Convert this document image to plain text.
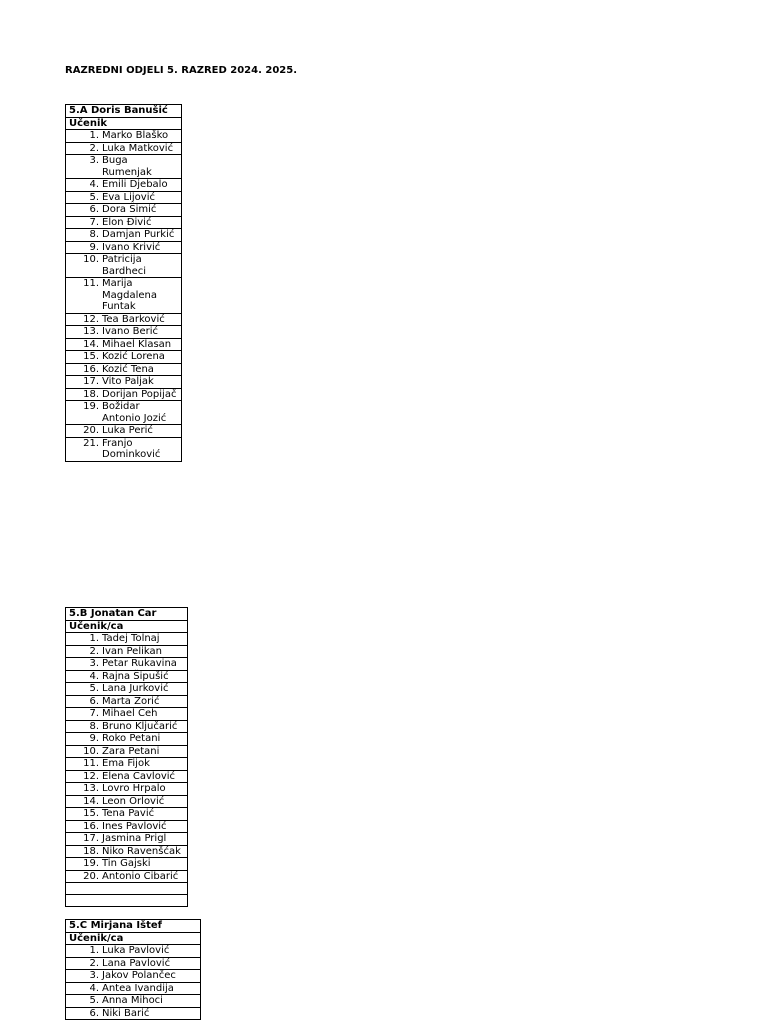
RAZREDNI ODJELI 5. RAZRED 2024. 2025.
5.A Doris Banušić
Učenik

1 . Marko Blaško

2 . Luka Matković

3 . Buga Rumenjak

4 . Emili Djebalo

5 . Eva Lijović

6 . Dora Šimić

7 . Elon Đivić

8 . Damjan Purkić

9 . Ivano Krivić

10 . Patricija Bardheci

11 . Marija Magdalena Funtak

12 . Tea Barković

13 . Ivano Berić

14 . Mihael Klasan

15 . Kozić Lorena

16 . Kozić Tena

17 . Vito Paljak

18 . Dorijan Popijač

19 . Božidar Antonio Jozić

20 . Luka Perić

21 . Franjo Dominković
5.B Jonatan Car
Učenik/ca

1 . Tadej Tolnaj

2 . Ivan Pelikan

3 . Petar Rukavina

4 . Rajna Šipušić

5 . Lana Jurković

6 . Marta Zorić

7 . Mihael Ceh

8 . Bruno Ključarić

9 . Roko Petani

10 . Zara Petani

11 . Ema Fijok

12 . Elena Cavlović

13 . Lovro Hrpalo

14 . Leon Orlović

15 . Tena Pavić

16 . Ines Pavlović

17 . Jasmina Prigl

18 . Niko Ravenšćak

19 . Tin Gajski

20 . Antonio Cibarić

5.C Mirjana Ištef
Učenik/ca

1 . Luka Pavlović

2 . Lana Pavlović

3 . Jakov Polančec

4 . Antea Ivandija

5 . Anna Mihoci

6 . Niki Barić
